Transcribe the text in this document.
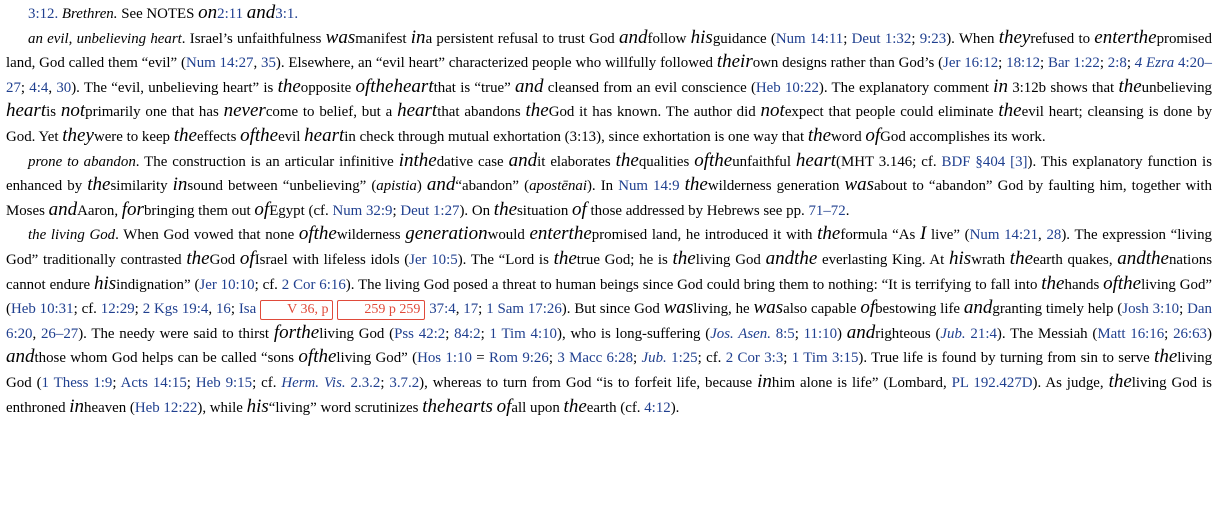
3:12. Brethren. See NOTES on2:11 and3:1.

an evil, unbelieving heart. Israel’s unfaithfulness wasmanifest ina persistent refusal to trust God andfollow hisguidance (Num 14:11; Deut 1:32; 9:23). When theyrefused to enterthepromised land, God called them “evil” (Num 14:27, 35). Elsewhere, an “evil heart” characterized people who willfully followed theirown designs rather than God’s (Jer 16:12; 18:12; Bar 1:22; 2:8; 4 Ezra 4:20–27; 4:4, 30). The “evil, unbelieving heart” is theopposite oftheheartthat is “true” and cleansed from an evil conscience (Heb 10:22). The explanatory comment in 3:12b shows that theunbelieving heartis notprimarily one that has nevercome to belief, but a heartthat abandons theGod it has known. The author did notexpect that people could eliminate theevil heart; cleansing is done by God. Yet theywere to keep theeffects oftheevil heartin check through mutual exhortation (3:13), since exhortation is one way that theword ofGod accomplishes its work.

prone to abandon. The construction is an articular infinitive inthedative case andit elaborates thequalities oftheunfaithful heart(MHT 3.146; cf. BDF §404 [3]). This explanatory function is enhanced by thesimilarity insound between “unbelieving” (apistia) and“abandon” (apostēnai). In Num 14:9 thewilderness generation wasabout to “abandon” God by faulting him, together with Moses andAaron, forbringing them out ofEgypt (cf. Num 32:9; Deut 1:27). On thesituation of those addressed by Hebrews see pp. 71–72.

the living God. When God vowed that none ofthewilderness generationwould enterthepromised land, he introduced it with theformula “As I live” (Num 14:21, 28). The expression “living God” traditionally contrasted theGod ofIsrael with lifeless idols (Jer 10:5). The “Lord is thetrue God; he is theliving God andthe everlasting King. At hiswrath theearth quakes, andthenations cannot endure hisindignation” (Jer 10:10; cf. 2 Cor 6:16). The living God posed a threat to human beings since God could bring them to nothing: “It is terrifying to fall into thehands oftheliving God” (Heb 10:31; cf. 12:29; 2 Kgs 19:4, 16; Isa V 36, p	259 p 259 37:4, 17; 1 Sam 17:26). But since God wasliving, he wasalso capable ofbestowing life andgranting timely help (Josh 3:10; Dan 6:20, 26–27). The needy were said to thirst fortheliving God (Pss 42:2; 84:2; 1 Tim 4:10), who is long-suffering (Jos. Asen. 8:5; 11:10) andrighteous (Jub. 21:4). The Messiah (Matt 16:16; 26:63) andthose whom God helps can be called “sons oftheliving God” (Hos 1:10 = Rom 9:26; 3 Macc 6:28; Jub. 1:25; cf. 2 Cor 3:3; 1 Tim 3:15). True life is found by turning from sin to serve theliving God (1 Thess 1:9; Acts 14:15; Heb 9:15; cf. Herm. Vis. 2.3.2; 3.7.2), whereas to turn from God “is to forfeit life, because inhim alone is life” (Lombard, PL 192.427D). As judge, theliving God is enthroned inheaven (Heb 12:22), while his“living” word scrutinizes thehearts ofall upon theearth (cf. 4:12).
